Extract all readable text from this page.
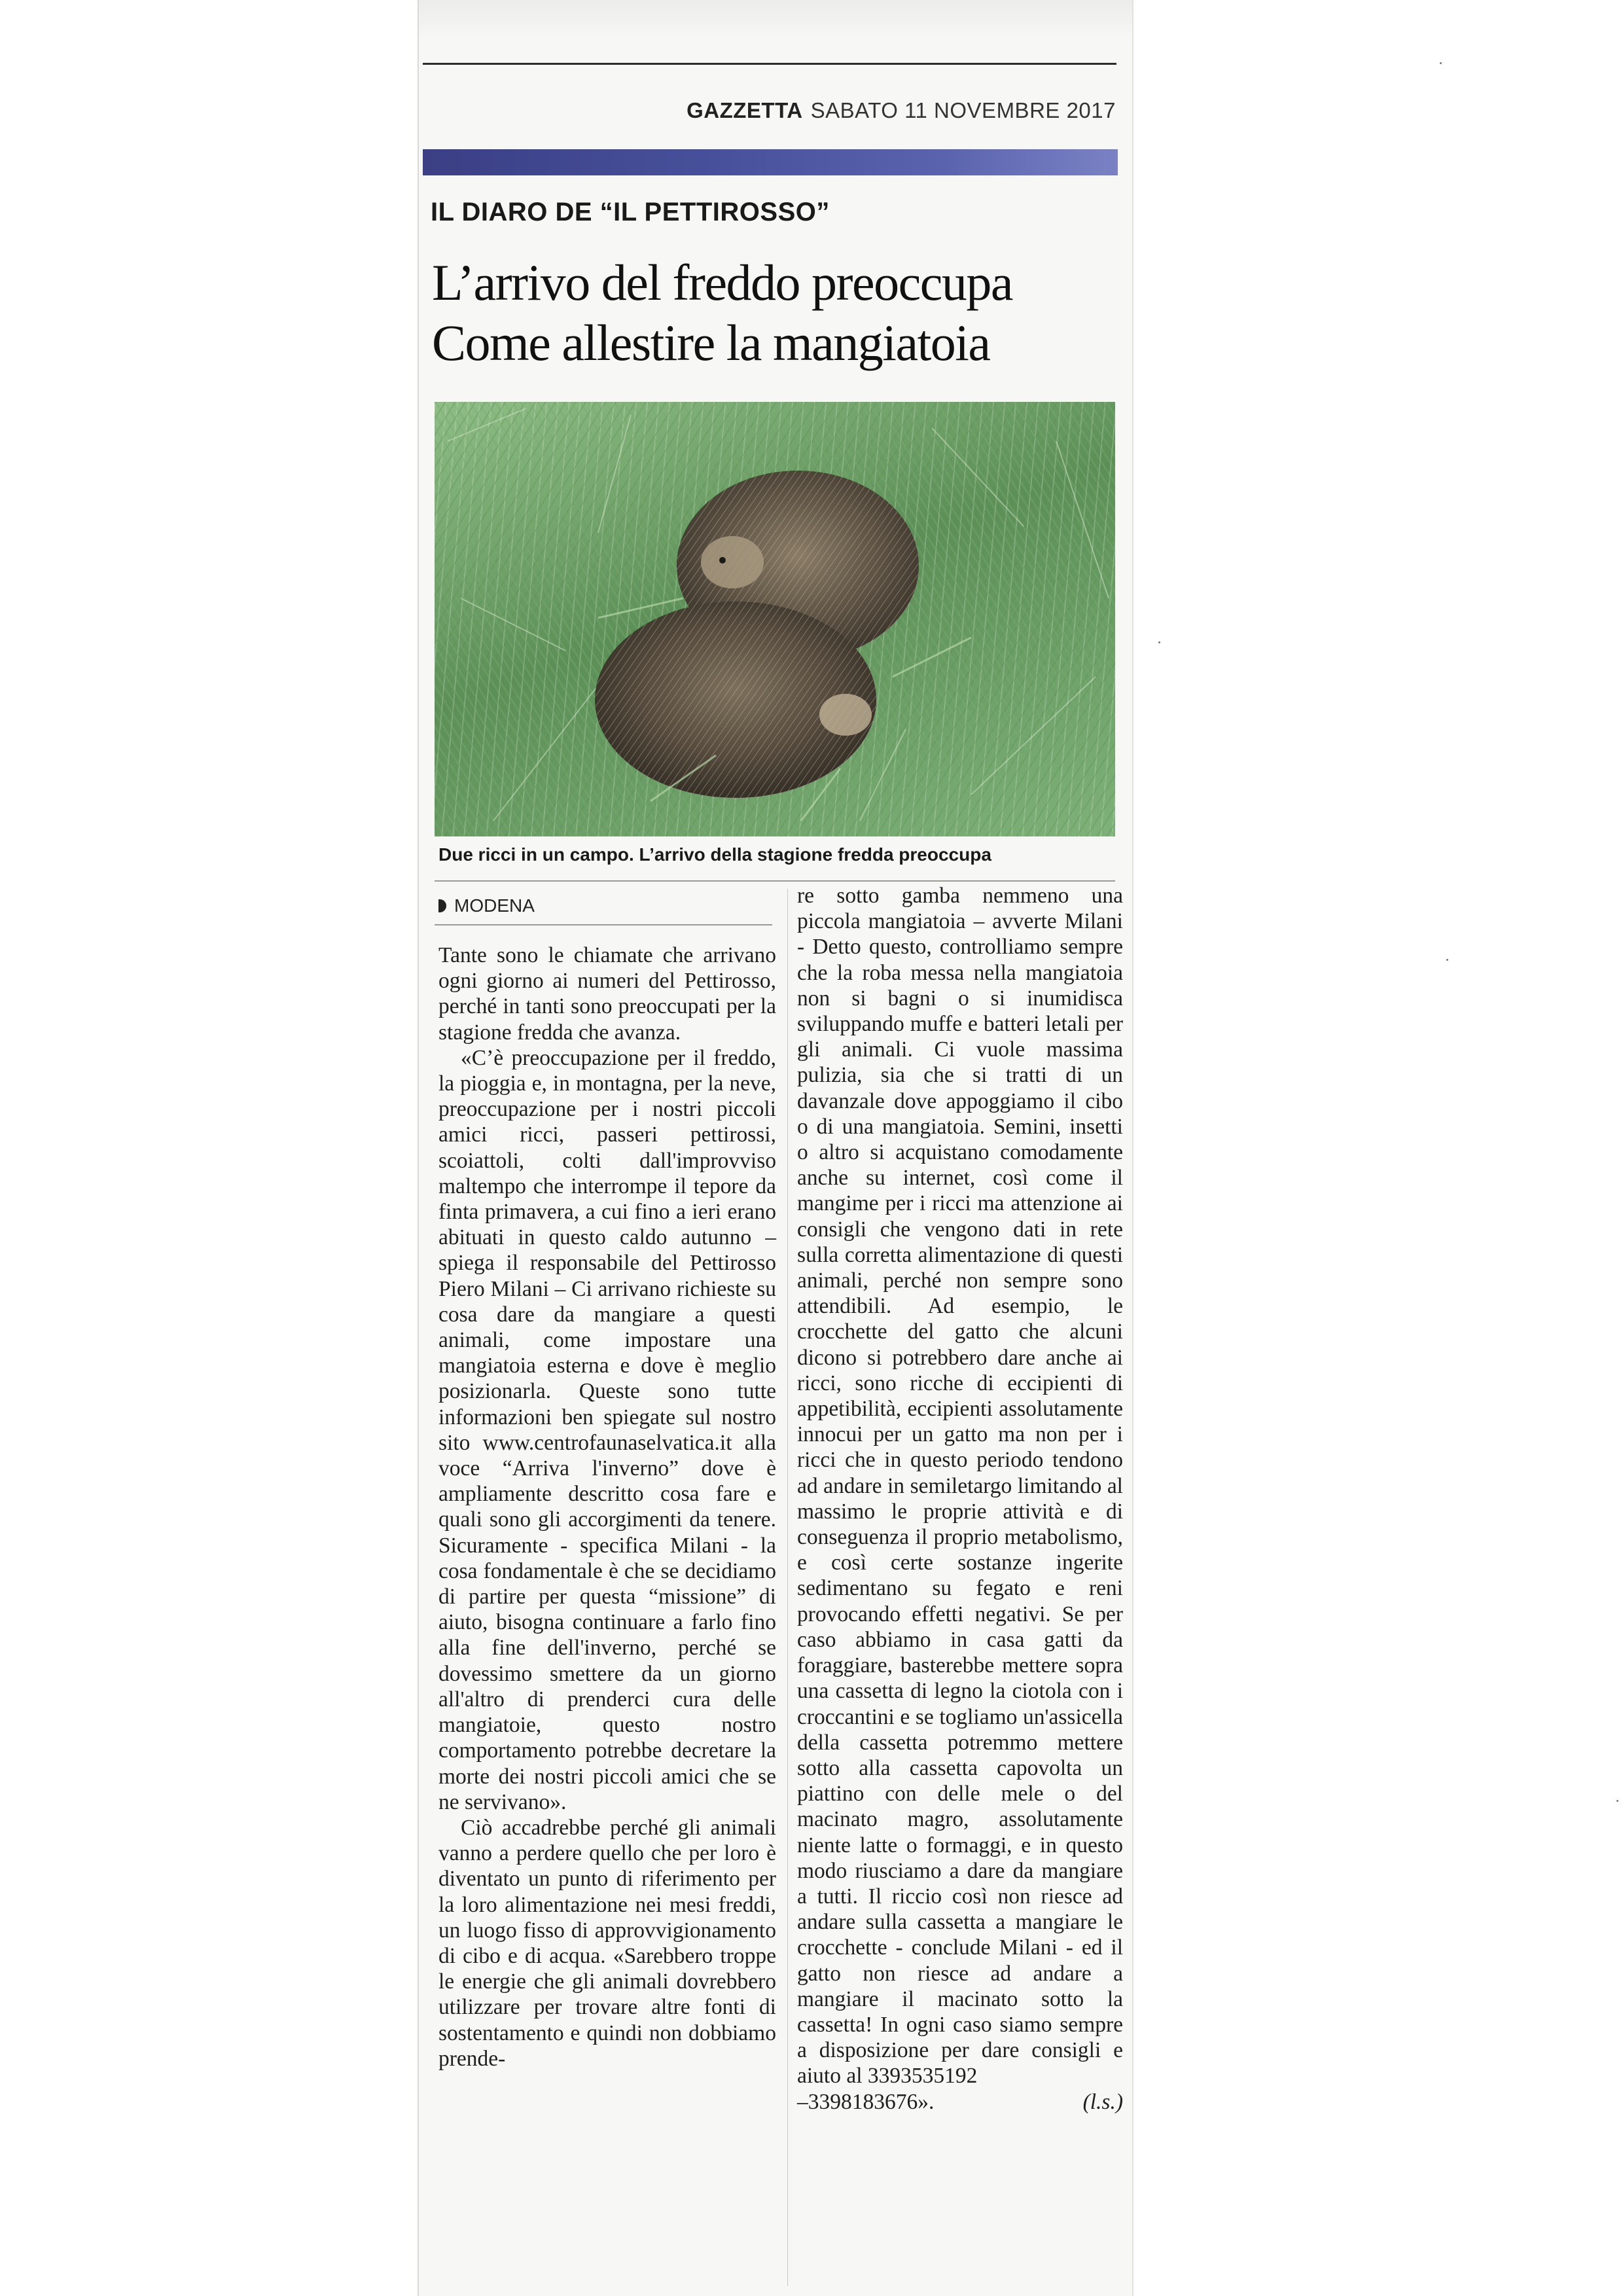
GAZZETTA SABATO 11 NOVEMBRE 2017
IL DIARO DE “IL PETTIROSSO”
L’arrivo del freddo preoccupa
Come allestire la mangiatoia
Due ricci in un campo. L’arrivo della stagione fredda preoccupa
MODENA

Tante sono le chiamate che arrivano ogni giorno ai numeri del Pettirosso, perché in tanti sono preoccupati per la stagione fredda che avanza.

«C’è preoccupazione per il freddo, la pioggia e, in montagna, per la neve, preoccupazione per i nostri piccoli amici ricci, passeri pettirossi, scoiattoli, colti dall'improvviso maltempo che interrompe il tepore da finta primavera, a cui fino a ieri erano abituati in questo caldo autunno – spiega il responsabile del Pettirosso Piero Milani – Ci arrivano richieste su cosa dare da mangiare a questi animali, come impostare una mangiatoia esterna e dove è meglio posizionarla. Queste sono tutte informazioni ben spiegate sul nostro sito www.centrofaunaselvatica.it alla voce “Arriva l'inverno” dove è ampliamente descritto cosa fare e quali sono gli accorgimenti da tenere. Sicuramente - specifica Milani - la cosa fondamentale è che se decidiamo di partire per questa “missione” di aiuto, bisogna continuare a farlo fino alla fine dell'inverno, perché se dovessimo smettere da un giorno all'altro di prenderci cura delle mangiatoie, questo nostro comportamento potrebbe decretare la morte dei nostri piccoli amici che se ne servivano».

Ciò accadrebbe perché gli animali vanno a perdere quello che per loro è diventato un punto di riferimento per la loro alimentazione nei mesi freddi, un luogo fisso di approvvigionamento di cibo e di acqua. «Sarebbero troppe le energie che gli animali dovrebbero utilizzare per trovare altre fonti di sostentamento e quindi non dobbiamo prende-

re sotto gamba nemmeno una piccola mangiatoia – avverte Milani - Detto questo, controlliamo sempre che la roba messa nella mangiatoia non si bagni o si inumidisca sviluppando muffe e batteri letali per gli animali. Ci vuole massima pulizia, sia che si tratti di un davanzale dove appoggiamo il cibo o di una mangiatoia. Semini, insetti o altro si acquistano comodamente anche su internet, così come il mangime per i ricci ma attenzione ai consigli che vengono dati in rete sulla corretta alimentazione di questi animali, perché non sempre sono attendibili. Ad esempio, le crocchette del gatto che alcuni dicono si potrebbero dare anche ai ricci, sono ricche di eccipienti di appetibilità, eccipienti assolutamente innocui per un gatto ma non per i ricci che in questo periodo tendono ad andare in semiletargo limitando al massimo le proprie attività e di conseguenza il proprio metabolismo, e così certe sostanze ingerite sedimentano su fegato e reni provocando effetti negativi. Se per caso abbiamo in casa gatti da foraggiare, basterebbe mettere sopra una cassetta di legno la ciotola con i croccantini e se togliamo un'assicella della cassetta potremmo mettere sotto alla cassetta capovolta un piattino con delle mele o del macinato magro, assolutamente niente latte o formaggi, e in questo modo riusciamo a dare da mangiare a tutti. Il riccio così non riesce ad andare sulla cassetta a mangiare le crocchette - conclude Milani - ed il gatto non riesce ad andare a mangiare il macinato sotto la cassetta! In ogni caso siamo sempre a disposizione per dare consigli e aiuto al 3393535192

–3398183676».	(l.s.)
